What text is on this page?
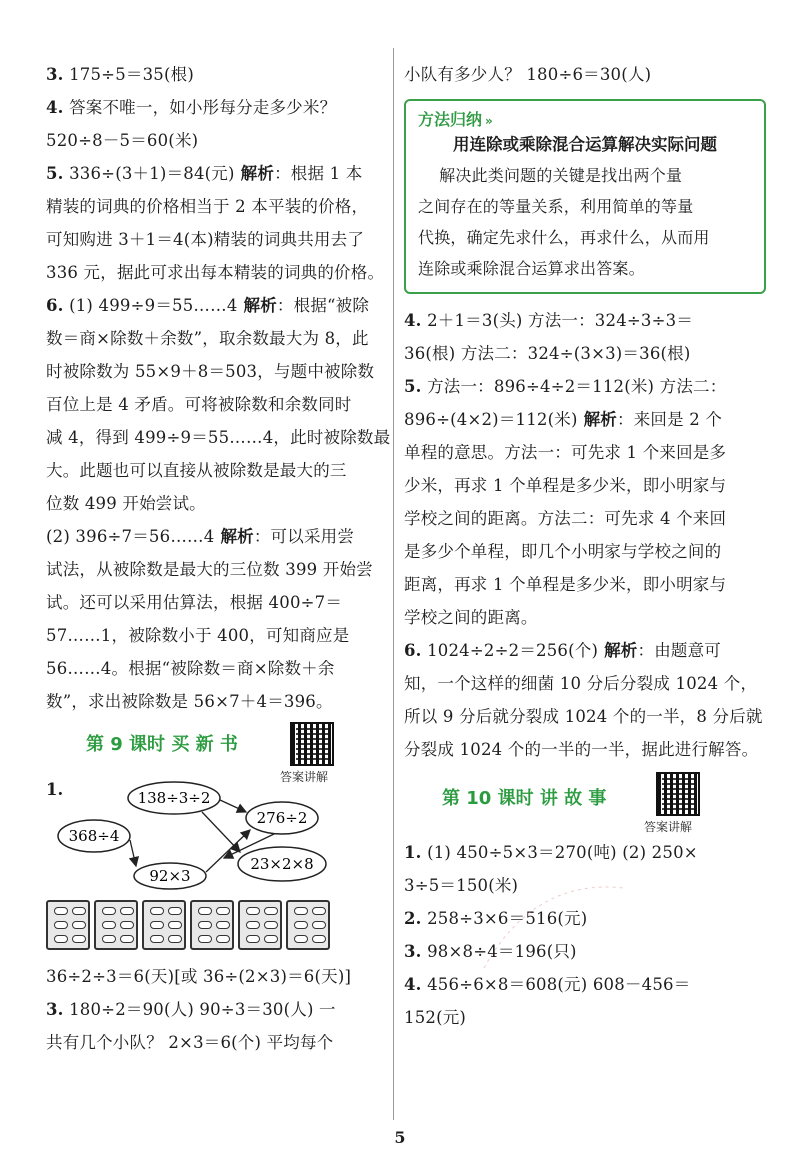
3. 175÷5＝35(根)
4. 答案不唯一，如小彤每分走多少米？
520÷8－5＝60(米)
5. 336÷(3＋1)＝84(元) 解析：根据 1 本
精装的词典的价格相当于 2 本平装的价格，
可知购进 3＋1＝4(本)精装的词典共用去了
336 元，据此可求出每本精装的词典的价格。
6. (1) 499÷9＝55……4 解析：根据“被除
数＝商×除数＋余数”，取余数最大为 8，此
时被除数为 55×9＋8＝503，与题中被除数
百位上是 4 矛盾。可将被除数和余数同时
减 4，得到 499÷9＝55……4，此时被除数最
大。此题也可以直接从被除数是最大的三
位数 499 开始尝试。
(2) 396÷7＝56……4 解析：可以采用尝
试法，从被除数是最大的三位数 399 开始尝
试。还可以采用估算法，根据 400÷7＝
57……1，被除数小于 400，可知商应是
56……4。根据“被除数＝商×除数＋余
数”，求出被除数是 56×7＋4＝396。
第 9 课时 买 新 书
答案讲解
1.	138÷3÷2
276÷2
368÷4
23×2×8
92×3
36÷2÷3＝6(天)[或 36÷(2×3)＝6(天)]
3. 180÷2＝90(人) 90÷3＝30(人) 一
共有几个小队？ 2×3＝6(个) 平均每个
小队有多少人？ 180÷6＝30(人)
方法归纳 »
用连除或乘除混合运算解决实际问题
解决此类问题的关键是找出两个量
之间存在的等量关系，利用简单的等量
代换，确定先求什么，再求什么，从而用
连除或乘除混合运算求出答案。
4. 2＋1＝3(头) 方法一：324÷3÷3＝
36(根) 方法二：324÷(3×3)＝36(根)
5. 方法一：896÷4÷2＝112(米) 方法二：
896÷(4×2)＝112(米) 解析：来回是 2 个
单程的意思。方法一：可先求 1 个来回是多
少米，再求 1 个单程是多少米，即小明家与
学校之间的距离。方法二：可先求 4 个来回
是多少个单程，即几个小明家与学校之间的
距离，再求 1 个单程是多少米，即小明家与
学校之间的距离。
6. 1024÷2÷2＝256(个) 解析：由题意可
知，一个这样的细菌 10 分后分裂成 1024 个，
所以 9 分后就分裂成 1024 个的一半，8 分后就
分裂成 1024 个的一半的一半，据此进行解答。
第 10 课时 讲 故 事
答案讲解
1. (1) 450÷5×3＝270(吨) (2) 250×
3÷5＝150(米)
2. 258÷3×6＝516(元)
3. 98×8÷4＝196(只)
4. 456÷6×8＝608(元) 608－456＝
152(元)
5
